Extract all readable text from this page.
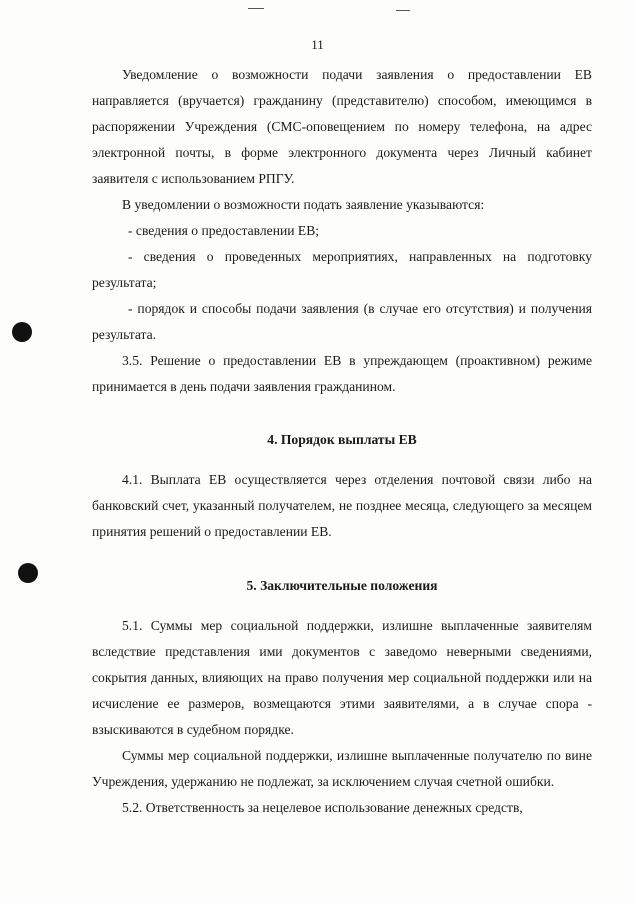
11

Уведомление о возможности подачи заявления о предоставлении ЕВ направляется (вручается) гражданину (представителю) способом, имеющимся в распоряжении Учреждения (СМС-оповещением по номеру телефона, на адрес электронной почты, в форме электронного документа через Личный кабинет заявителя с использованием РПГУ.

В уведомлении о возможности подать заявление указываются:

- сведения о предоставлении ЕВ;

- сведения о проведенных мероприятиях, направленных на подготовку результата;

- порядок и способы подачи заявления (в случае его отсутствия) и получения результата.

3.5. Решение о предоставлении ЕВ в упреждающем (проактивном) режиме принимается в день подачи заявления гражданином.

4. Порядок выплаты ЕВ

4.1. Выплата ЕВ осуществляется через отделения почтовой связи либо на банковский счет, указанный получателем, не позднее месяца, следующего за месяцем принятия решений о предоставлении ЕВ.

5. Заключительные положения

5.1. Суммы мер социальной поддержки, излишне выплаченные заявителям вследствие представления ими документов с заведомо неверными сведениями, сокрытия данных, влияющих на право получения мер социальной поддержки или на исчисление ее размеров, возмещаются этими заявителями, а в случае спора - взыскиваются в судебном порядке.

Суммы мер социальной поддержки, излишне выплаченные получателю по вине Учреждения, удержанию не подлежат, за исключением случая счетной ошибки.

5.2. Ответственность за нецелевое использование денежных средств,
